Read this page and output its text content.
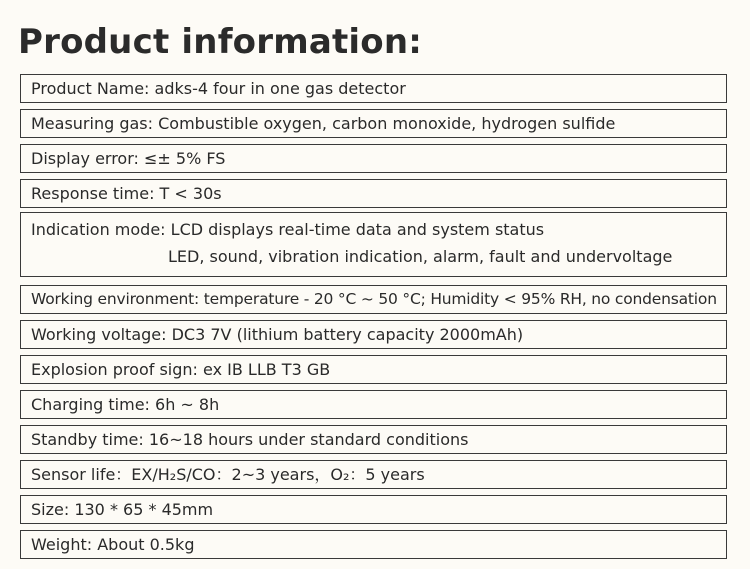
Product information:
Product Name: adks-4 four in one gas detector
Measuring gas: Combustible oxygen, carbon monoxide, hydrogen sulfide
Display error: ≤± 5% FS
Response time: T < 30s
Indication mode: LCD displays real-time data and system status
LED, sound, vibration indication, alarm, fault and undervoltage
Working environment: temperature - 20 °C ~ 50 °C; Humidity < 95% RH, no condensation
Working voltage: DC3 7V (lithium battery capacity 2000mAh)
Explosion proof sign: ex IB LLB T3 GB
Charging time: 6h ~ 8h
Standby time: 16~18 hours under standard conditions
Sensor life：EX/H₂S/CO：2~3 years，O₂：5 years
Size: 130 * 65 * 45mm
Weight: About 0.5kg
